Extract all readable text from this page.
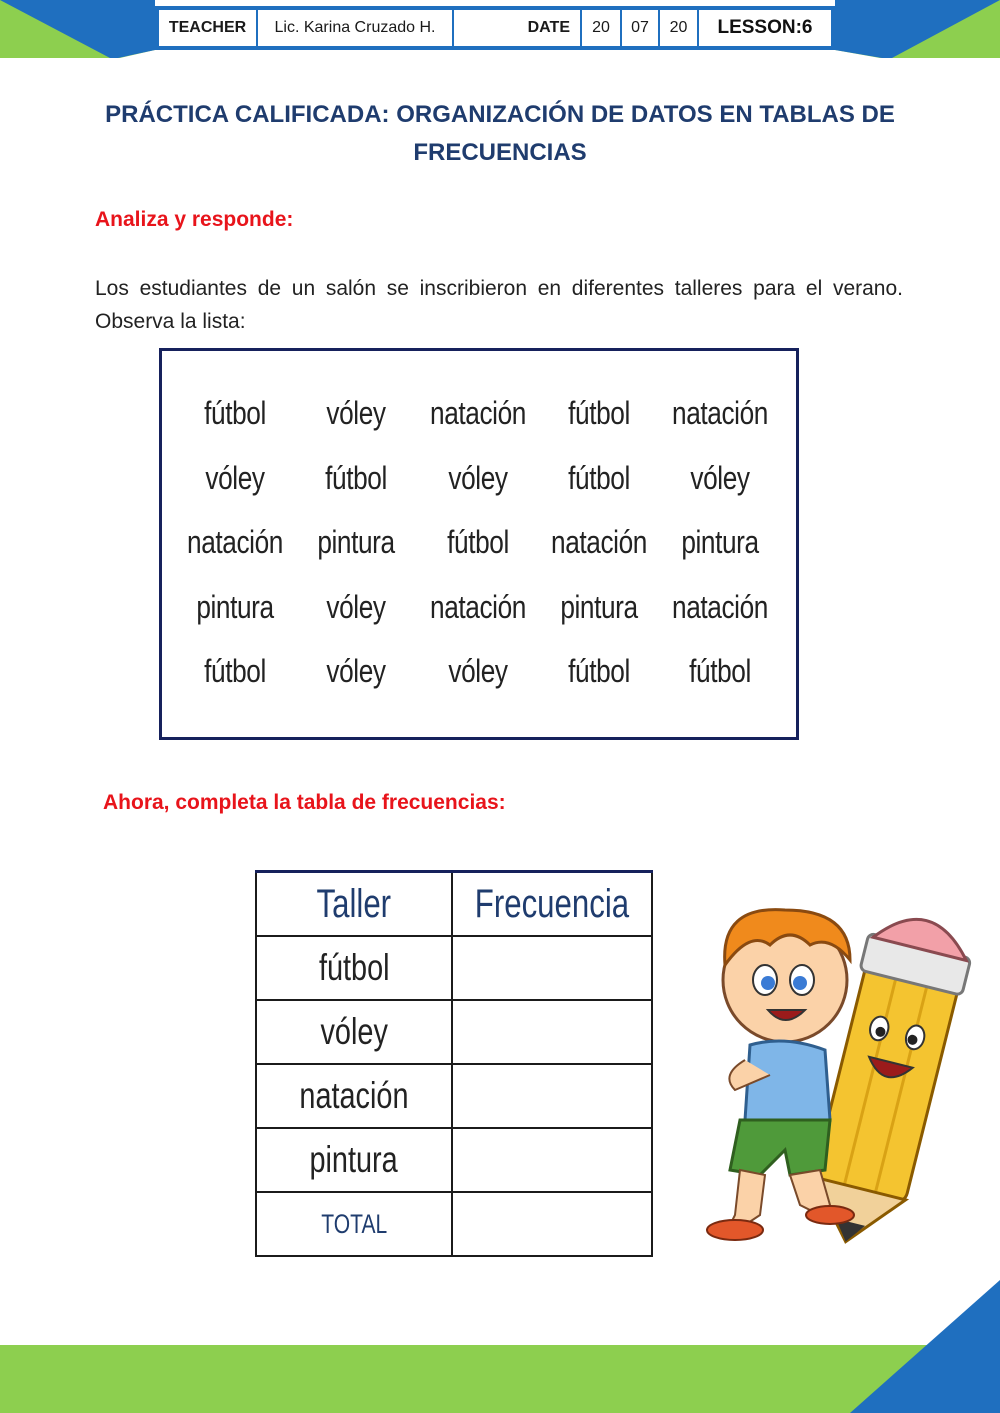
TEACHER	Lic. Karina Cruzado H.	DATE	20	07	20	LESSON:6
PRÁCTICA CALIFICADA: ORGANIZACIÓN DE DATOS EN TABLAS DE FRECUENCIAS
Analiza y responde:
Los estudiantes de un salón se inscribieron en diferentes talleres para el verano. Observa la lista:
fútbol	vóley	natación	fútbol	natación
vóley	fútbol	vóley	fútbol	vóley
natación	pintura	fútbol	natación	pintura
pintura	vóley	natación	pintura	natación
fútbol	vóley	vóley	fútbol	fútbol
Ahora, completa la tabla de frecuencias:
Taller	Frecuencia
fútbol	
vóley	
natación	
pintura	
TOTAL	
